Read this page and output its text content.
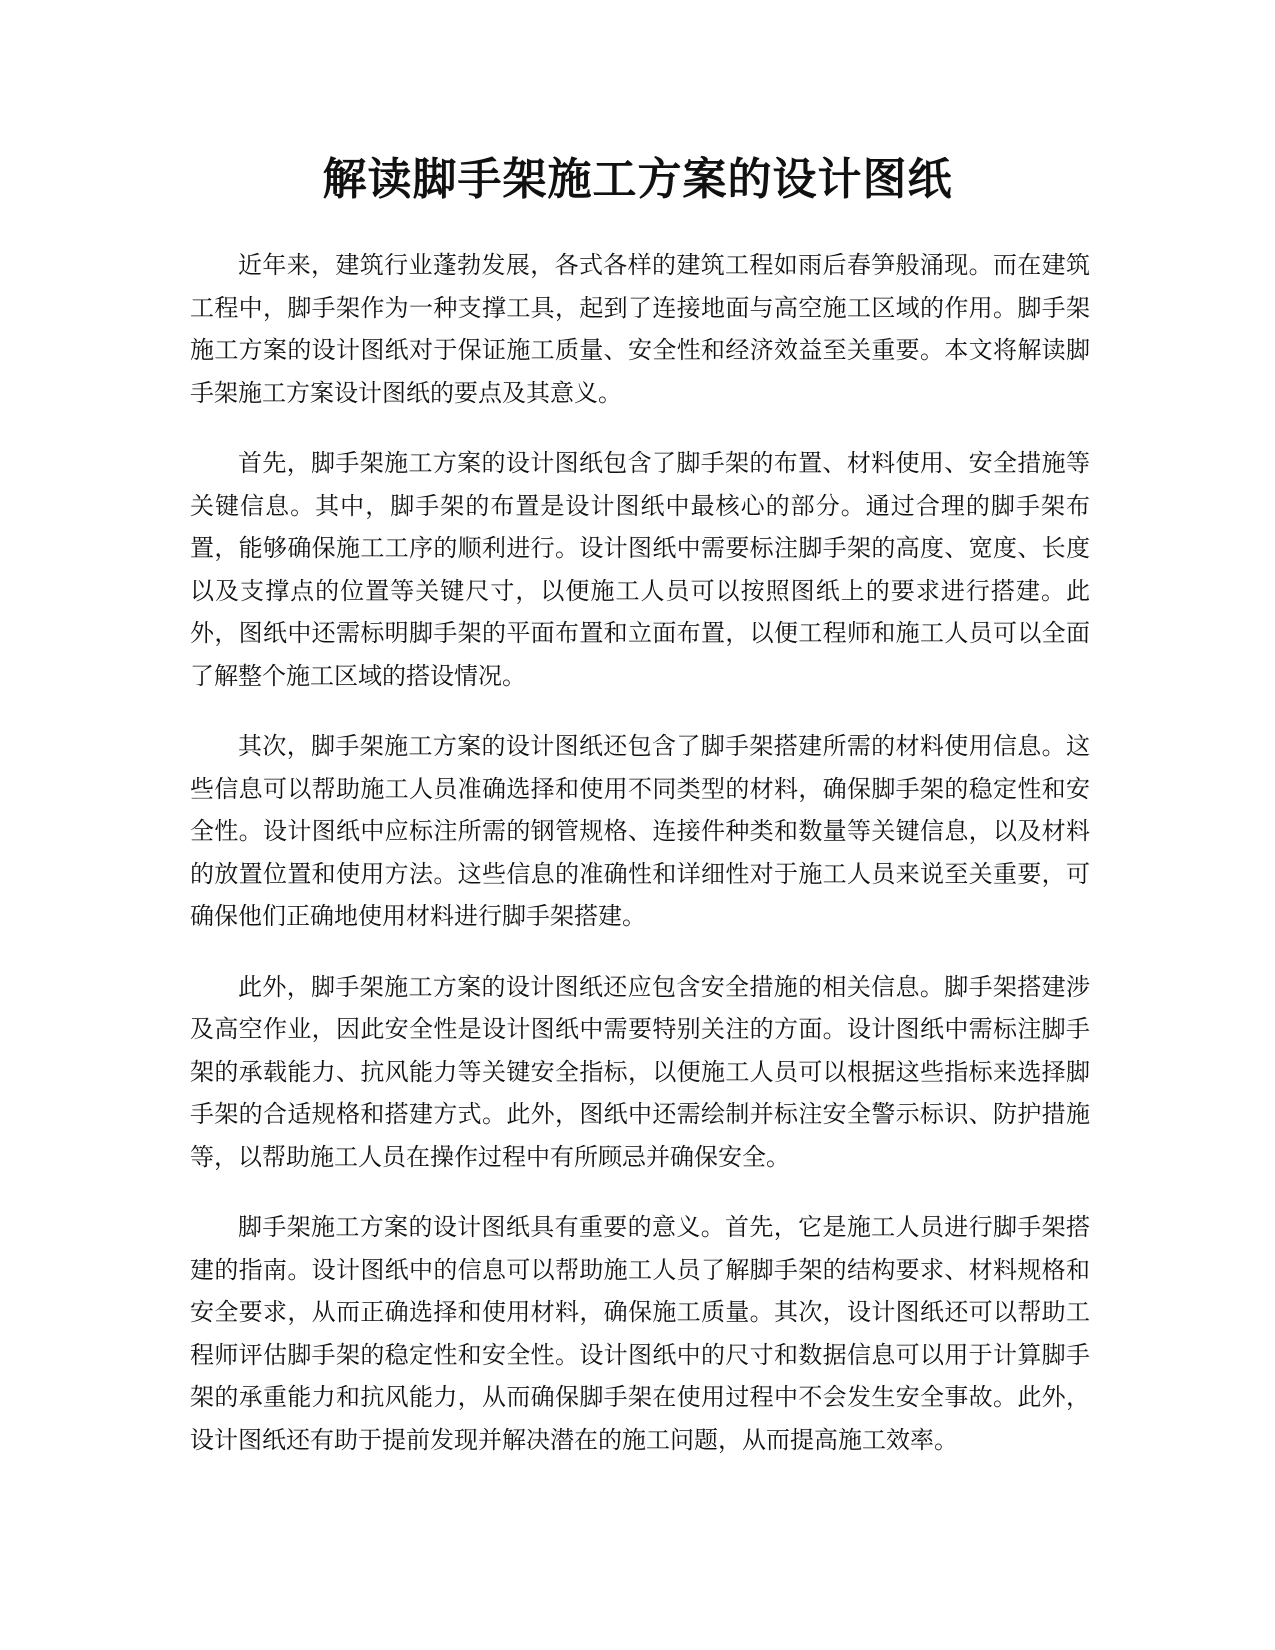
解读脚手架施工方案的设计图纸

近年来，建筑行业蓬勃发展，各式各样的建筑工程如雨后春笋般涌现。而在建筑工程中，脚手架作为一种支撑工具，起到了连接地面与高空施工区域的作用。脚手架施工方案的设计图纸对于保证施工质量、安全性和经济效益至关重要。本文将解读脚手架施工方案设计图纸的要点及其意义。

首先，脚手架施工方案的设计图纸包含了脚手架的布置、材料使用、安全措施等关键信息。其中，脚手架的布置是设计图纸中最核心的部分。通过合理的脚手架布置，能够确保施工工序的顺利进行。设计图纸中需要标注脚手架的高度、宽度、长度以及支撑点的位置等关键尺寸，以便施工人员可以按照图纸上的要求进行搭建。此外，图纸中还需标明脚手架的平面布置和立面布置，以便工程师和施工人员可以全面了解整个施工区域的搭设情况。

其次，脚手架施工方案的设计图纸还包含了脚手架搭建所需的材料使用信息。这些信息可以帮助施工人员准确选择和使用不同类型的材料，确保脚手架的稳定性和安全性。设计图纸中应标注所需的钢管规格、连接件种类和数量等关键信息，以及材料的放置位置和使用方法。这些信息的准确性和详细性对于施工人员来说至关重要，可确保他们正确地使用材料进行脚手架搭建。

此外，脚手架施工方案的设计图纸还应包含安全措施的相关信息。脚手架搭建涉及高空作业，因此安全性是设计图纸中需要特别关注的方面。设计图纸中需标注脚手架的承载能力、抗风能力等关键安全指标，以便施工人员可以根据这些指标来选择脚手架的合适规格和搭建方式。此外，图纸中还需绘制并标注安全警示标识、防护措施等，以帮助施工人员在操作过程中有所顾忌并确保安全。

脚手架施工方案的设计图纸具有重要的意义。首先，它是施工人员进行脚手架搭建的指南。设计图纸中的信息可以帮助施工人员了解脚手架的结构要求、材料规格和安全要求，从而正确选择和使用材料，确保施工质量。其次，设计图纸还可以帮助工程师评估脚手架的稳定性和安全性。设计图纸中的尺寸和数据信息可以用于计算脚手架的承重能力和抗风能力，从而确保脚手架在使用过程中不会发生安全事故。此外，设计图纸还有助于提前发现并解决潜在的施工问题，从而提高施工效率。
